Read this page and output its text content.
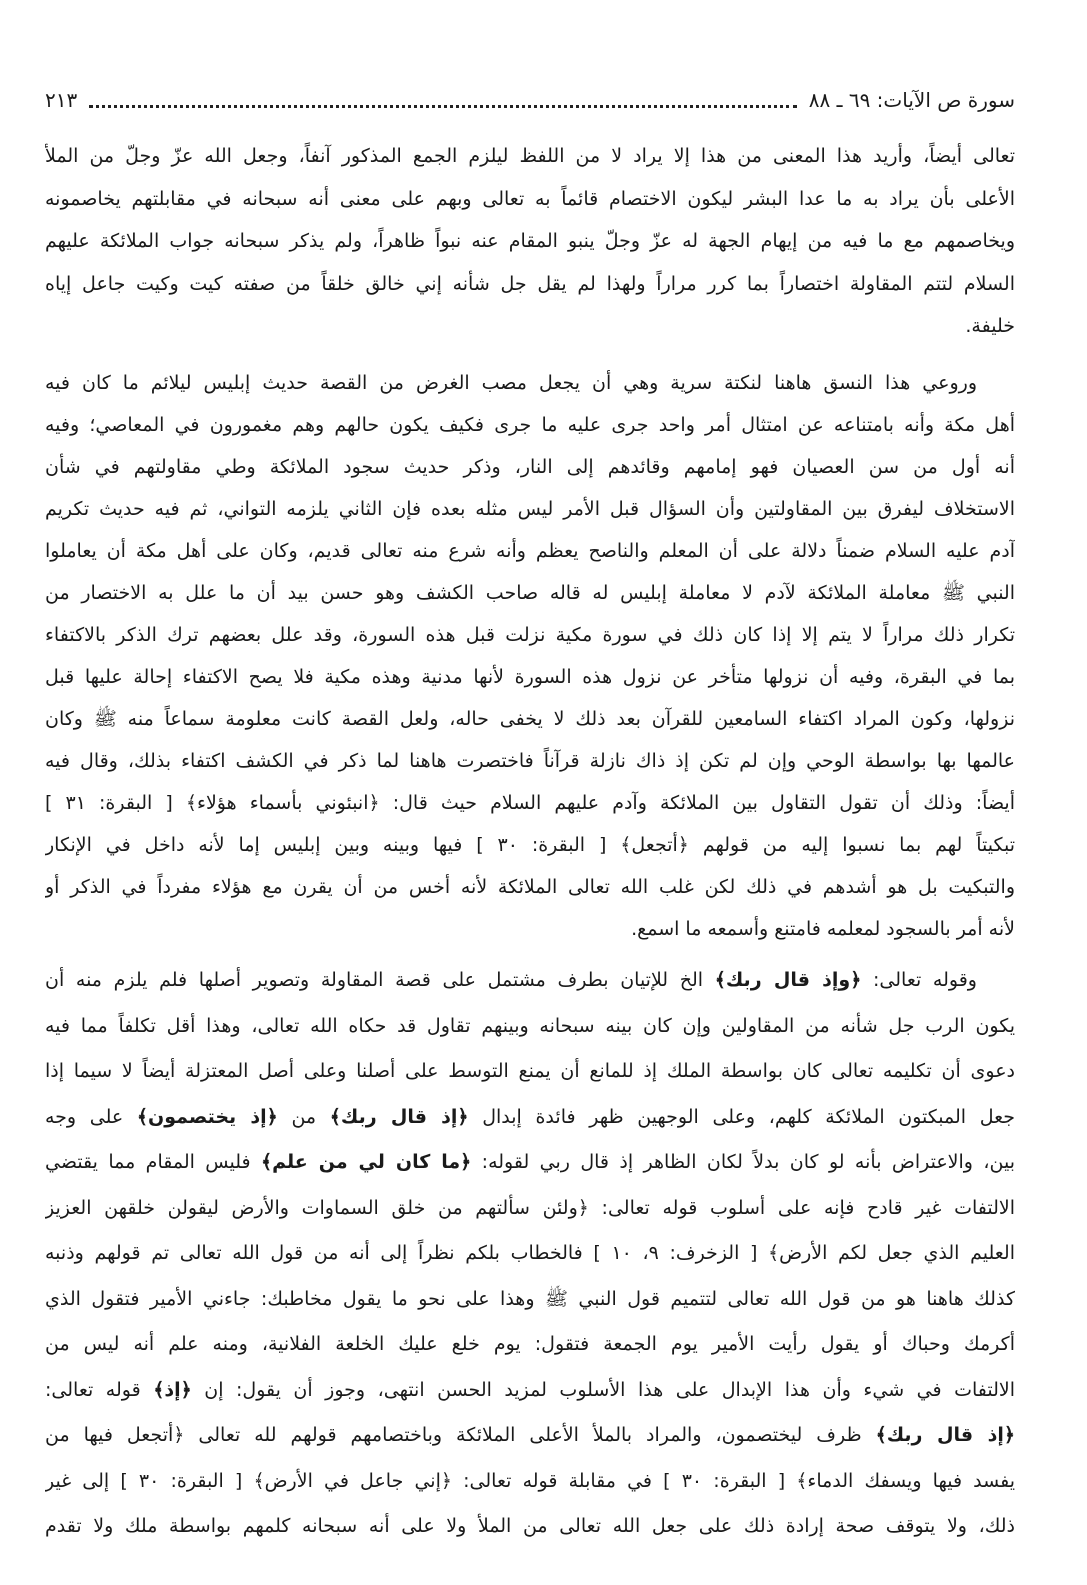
سورة ص الآيات: ٦٩ ـ ٨٨
٢١٣
تعالى أيضاً، وأريد هذا المعنى من هذا إلا يراد لا من اللفظ ليلزم الجمع المذكور آنفاً، وجعل الله عزّ وجلّ من الملأ
الأعلى بأن يراد به ما عدا البشر ليكون الاختصام قائماً به تعالى وبهم على معنى أنه سبحانه في مقابلتهم يخاصمونه
ويخاصمهم مع ما فيه من إيهام الجهة له عزّ وجلّ ينبو المقام عنه نبواً ظاهراً، ولم يذكر سبحانه جواب الملائكة عليهم
السلام لتتم المقاولة اختصاراً بما كرر مراراً ولهذا لم يقل جل شأنه إني خالق خلقاً من صفته كيت وكيت جاعل إياه
خليفة.
وروعي هذا النسق هاهنا لنكتة سرية وهي أن يجعل مصب الغرض من القصة حديث إبليس ليلائم ما كان فيه
أهل مكة وأنه بامتناعه عن امتثال أمر واحد جرى عليه ما جرى فكيف يكون حالهم وهم مغمورون في المعاصي؛ وفيه
أنه أول من سن العصيان فهو إمامهم وقائدهم إلى النار، وذكر حديث سجود الملائكة وطي مقاولتهم في شأن
الاستخلاف ليفرق بين المقاولتين وأن السؤال قبل الأمر ليس مثله بعده فإن الثاني يلزمه التواني، ثم فيه حديث تكريم
آدم عليه السلام ضمناً دلالة على أن المعلم والناصح يعظم وأنه شرع منه تعالى قديم، وكان على أهل مكة أن يعاملوا
النبي ﷺ معاملة الملائكة لآدم لا معاملة إبليس له قاله صاحب الكشف وهو حسن بيد أن ما علل به الاختصار من
تكرار ذلك مراراً لا يتم إلا إذا كان ذلك في سورة مكية نزلت قبل هذه السورة، وقد علل بعضهم ترك الذكر بالاكتفاء
بما في البقرة، وفيه أن نزولها متأخر عن نزول هذه السورة لأنها مدنية وهذه مكية فلا يصح الاكتفاء إحالة عليها قبل
نزولها، وكون المراد اكتفاء السامعين للقرآن بعد ذلك لا يخفى حاله، ولعل القصة كانت معلومة سماعاً منه ﷺ وكان
عالمها بها بواسطة الوحي وإن لم تكن إذ ذاك نازلة قرآناً فاختصرت هاهنا لما ذكر في الكشف اكتفاء بذلك، وقال فيه
أيضاً: وذلك أن تقول التقاول بين الملائكة وآدم عليهم السلام حيث قال: ﴿انبئوني بأسماء هؤلاء﴾ [ البقرة: ٣١ ]
تبكيتاً لهم بما نسبوا إليه من قولهم ﴿أتجعل﴾ [ البقرة: ٣٠ ] فيها وبينه وبين إبليس إما لأنه داخل في الإنكار
والتبكيت بل هو أشدهم في ذلك لكن غلب الله تعالى الملائكة لأنه أخس من أن يقرن مع هؤلاء مفرداً في الذكر أو
لأنه أمر بالسجود لمعلمه فامتنع وأسمعه ما اسمع.
وقوله تعالى: ﴿وإذ قال ربك﴾ الخ للإتيان بطرف مشتمل على قصة المقاولة وتصوير أصلها فلم يلزم منه أن
يكون الرب جل شأنه من المقاولين وإن كان بينه سبحانه وبينهم تقاول قد حكاه الله تعالى، وهذا أقل تكلفاً مما فيه
دعوى أن تكليمه تعالى كان بواسطة الملك إذ للمانع أن يمنع التوسط على أصلنا وعلى أصل المعتزلة أيضاً لا سيما إذا
جعل المبكتون الملائكة كلهم، وعلى الوجهين ظهر فائدة إبدال ﴿إذ قال ربك﴾ من ﴿إذ يختصمون﴾ على وجه
بين، والاعتراض بأنه لو كان بدلاً لكان الظاهر إذ قال ربي لقوله: ﴿ما كان لي من علم﴾ فليس المقام مما يقتضي
الالتفات غير قادح فإنه على أسلوب قوله تعالى: ﴿ولئن سألتهم من خلق السماوات والأرض ليقولن خلقهن العزيز
العليم الذي جعل لكم الأرض﴾ [ الزخرف: ٩، ١٠ ] فالخطاب بلكم نظراً إلى أنه من قول الله تعالى تم قولهم وذنبه
كذلك هاهنا هو من قول الله تعالى لتتميم قول النبي ﷺ وهذا على نحو ما يقول مخاطبك: جاءني الأمير فتقول الذي
أكرمك وحباك أو يقول رأيت الأمير يوم الجمعة فتقول: يوم خلع عليك الخلعة الفلانية، ومنه علم أنه ليس من
الالتفات في شيء وأن هذا الإبدال على هذا الأسلوب لمزيد الحسن انتهى، وجوز أن يقول: إن ﴿إذ﴾ قوله تعالى:
﴿إذ قال ربك﴾ ظرف ليختصمون، والمراد بالملأ الأعلى الملائكة وباختصامهم قولهم لله تعالى ﴿أتجعل فيها من
يفسد فيها ويسفك الدماء﴾ [ البقرة: ٣٠ ] في مقابلة قوله تعالى: ﴿إني جاعل في الأرض﴾ [ البقرة: ٣٠ ] إلى غير
ذلك، ولا يتوقف صحة إرادة ذلك على جعل الله تعالى من الملأ ولا على أنه سبحانه كلمهم بواسطة ملك ولا تقدم
